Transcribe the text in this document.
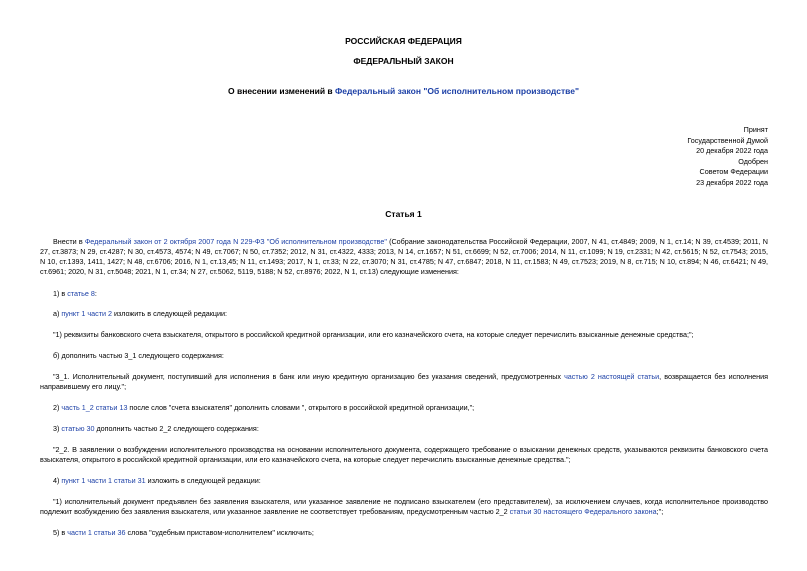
РОССИЙСКАЯ ФЕДЕРАЦИЯ
ФЕДЕРАЛЬНЫЙ ЗАКОН
О внесении изменений в Федеральный закон "Об исполнительном производстве"
Принят
Государственной Думой
20 декабря 2022 года
Одобрен
Советом Федерации
23 декабря 2022 года
Статья 1
Внести в Федеральный закон от 2 октября 2007 года N 229-ФЗ "Об исполнительном производстве" (Собрание законодательства Российской Федерации, 2007, N 41, ст.4849; 2009, N 1, ст.14; N 39, ст.4539; 2011, N 27, ст.3873; N 29, ст.4287; N 30, ст.4573, 4574; N 49, ст.7067; N 50, ст.7352; 2012, N 31, ст.4322, 4333; 2013, N 14, ст.1657; N 51, ст.6699; N 52, ст.7006; 2014, N 11, ст.1099; N 19, ст.2331; N 42, ст.5615; N 52, ст.7543; 2015, N 10, ст.1393, 1411, 1427; N 48, ст.6706; 2016, N 1, ст.13,45; N 11, ст.1493; 2017, N 1, ст.33; N 22, ст.3070; N 31, ст.4785; N 47, ст.6847; 2018, N 11, ст.1583; N 49, ст.7523; 2019, N 8, ст.715; N 10, ст.894; N 46, ст.6421; N 49, ст.6961; 2020, N 31, ст.5048; 2021, N 1, ст.34; N 27, ст.5062, 5119, 5188; N 52, ст.8976; 2022, N 1, ст.13) следующие изменения:
1) в статье 8:
а) пункт 1 части 2 изложить в следующей редакции:
"1) реквизиты банковского счета взыскателя, открытого в российской кредитной организации, или его казначейского счета, на которые следует перечислить взысканные денежные средства;";
б) дополнить частью 3_1 следующего содержания:
"3_1. Исполнительный документ, поступивший для исполнения в банк или иную кредитную организацию без указания сведений, предусмотренных частью 2 настоящей статьи, возвращается без исполнения направившему его лицу.";
2) часть 1_2 статьи 13 после слов "счета взыскателя" дополнить словами ", открытого в российской кредитной организации,";
3) статью 30 дополнить частью 2_2 следующего содержания:
"2_2. В заявлении о возбуждении исполнительного производства на основании исполнительного документа, содержащего требование о взыскании денежных средств, указываются реквизиты банковского счета взыскателя, открытого в российской кредитной организации, или его казначейского счета, на которые следует перечислить взысканные денежные средства.";
4) пункт 1 части 1 статьи 31 изложить в следующей редакции:
"1) исполнительный документ предъявлен без заявления взыскателя, или указанное заявление не подписано взыскателем (его представителем), за исключением случаев, когда исполнительное производство подлежит возбуждению без заявления взыскателя, или указанное заявление не соответствует требованиям, предусмотренным частью 2_2 статьи 30 настоящего Федерального закона;";
5) в части 1 статьи 36 слова "судебным приставом-исполнителем" исключить;
